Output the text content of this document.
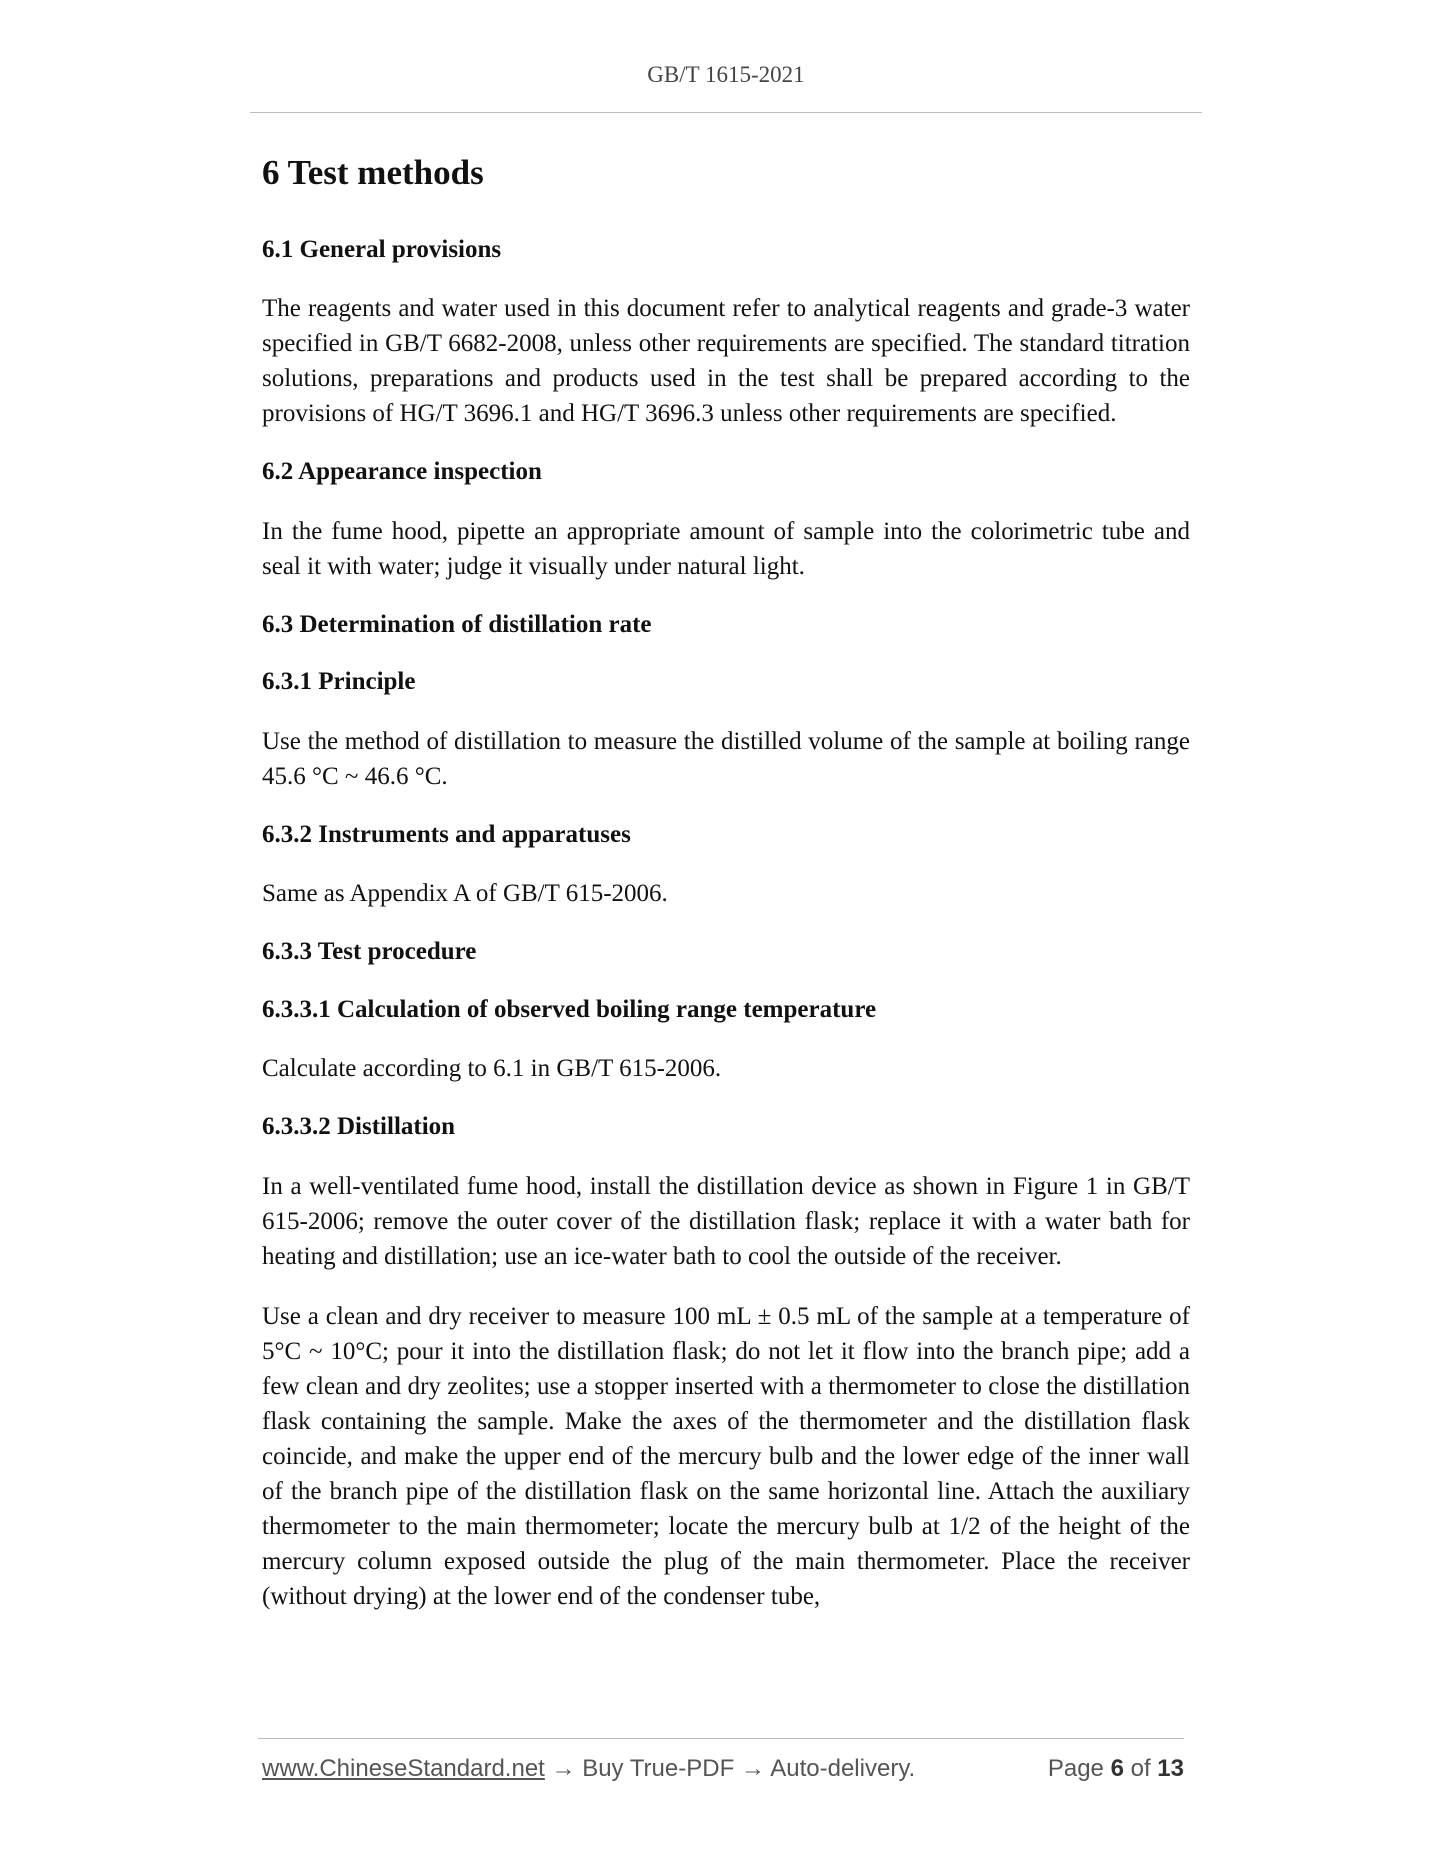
GB/T 1615-2021
6 Test methods
6.1 General provisions

The reagents and water used in this document refer to analytical reagents and grade-3 water specified in GB/T 6682-2008, unless other requirements are specified. The standard titration solutions, preparations and products used in the test shall be prepared according to the provisions of HG/T 3696.1 and HG/T 3696.3 unless other requirements are specified.

6.2 Appearance inspection

In the fume hood, pipette an appropriate amount of sample into the colorimetric tube and seal it with water; judge it visually under natural light.

6.3 Determination of distillation rate
6.3.1 Principle

Use the method of distillation to measure the distilled volume of the sample at boiling range 45.6 °C ~ 46.6 °C.

6.3.2 Instruments and apparatuses

Same as Appendix A of GB/T 615-2006.

6.3.3 Test procedure
6.3.3.1 Calculation of observed boiling range temperature

Calculate according to 6.1 in GB/T 615-2006.

6.3.3.2 Distillation

In a well-ventilated fume hood, install the distillation device as shown in Figure 1 in GB/T 615-2006; remove the outer cover of the distillation flask; replace it with a water bath for heating and distillation; use an ice-water bath to cool the outside of the receiver.

Use a clean and dry receiver to measure 100 mL ± 0.5 mL of the sample at a temperature of 5°C ~ 10°C; pour it into the distillation flask; do not let it flow into the branch pipe; add a few clean and dry zeolites; use a stopper inserted with a thermometer to close the distillation flask containing the sample. Make the axes of the thermometer and the distillation flask coincide, and make the upper end of the mercury bulb and the lower edge of the inner wall of the branch pipe of the distillation flask on the same horizontal line. Attach the auxiliary thermometer to the main thermometer; locate the mercury bulb at 1/2 of the height of the mercury column exposed outside the plug of the main thermometer. Place the receiver (without drying) at the lower end of the condenser tube,

www.ChineseStandard.net → Buy True-PDF → Auto-delivery.	Page 6 of 13
